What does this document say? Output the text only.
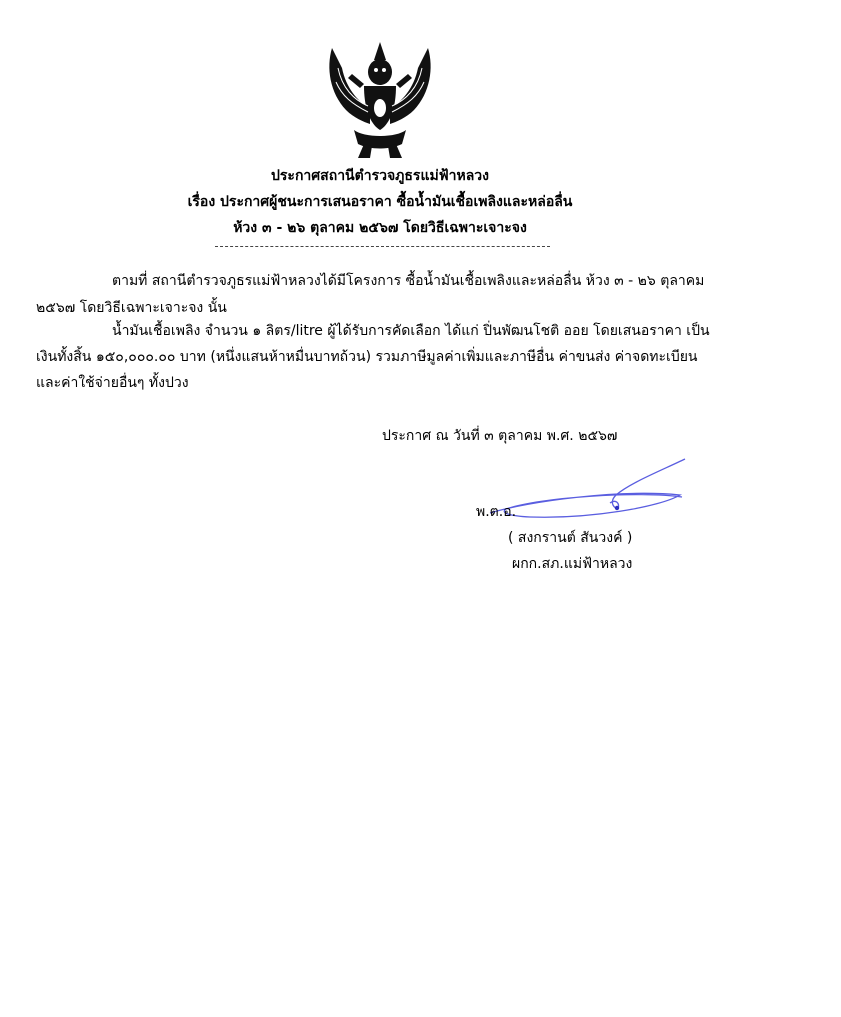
ประกาศสถานีตำรวจภูธรแม่ฟ้าหลวง
เรื่อง ประกาศผู้ชนะการเสนอราคา ซื้อน้ำมันเชื้อเพลิงและหล่อลื่น
ห้วง ๓ - ๒๖ ตุลาคม ๒๕๖๗ โดยวิธีเฉพาะเจาะจง
ตามที่ สถานีตำรวจภูธรแม่ฟ้าหลวงได้มีโครงการ ซื้อน้ำมันเชื้อเพลิงและหล่อลื่น ห้วง ๓ - ๒๖ ตุลาคม
๒๕๖๗ โดยวิธีเฉพาะเจาะจง นั้น
น้ำมันเชื้อเพลิง จำนวน ๑ ลิตร/litre ผู้ได้รับการคัดเลือก ได้แก่ ปิ่นพัฒนโชติ ออย โดยเสนอราคา เป็น
เงินทั้งสิ้น ๑๕๐,๐๐๐.๐๐ บาท (หนึ่งแสนห้าหมื่นบาทถ้วน) รวมภาษีมูลค่าเพิ่มและภาษีอื่น ค่าขนส่ง ค่าจดทะเบียน
และค่าใช้จ่ายอื่นๆ ทั้งปวง
ประกาศ ณ วันที่ ๓ ตุลาคม พ.ศ. ๒๕๖๗
พ.ต.อ.
( สงกรานต์ สันวงค์ )
ผกก.สภ.แม่ฟ้าหลวง
